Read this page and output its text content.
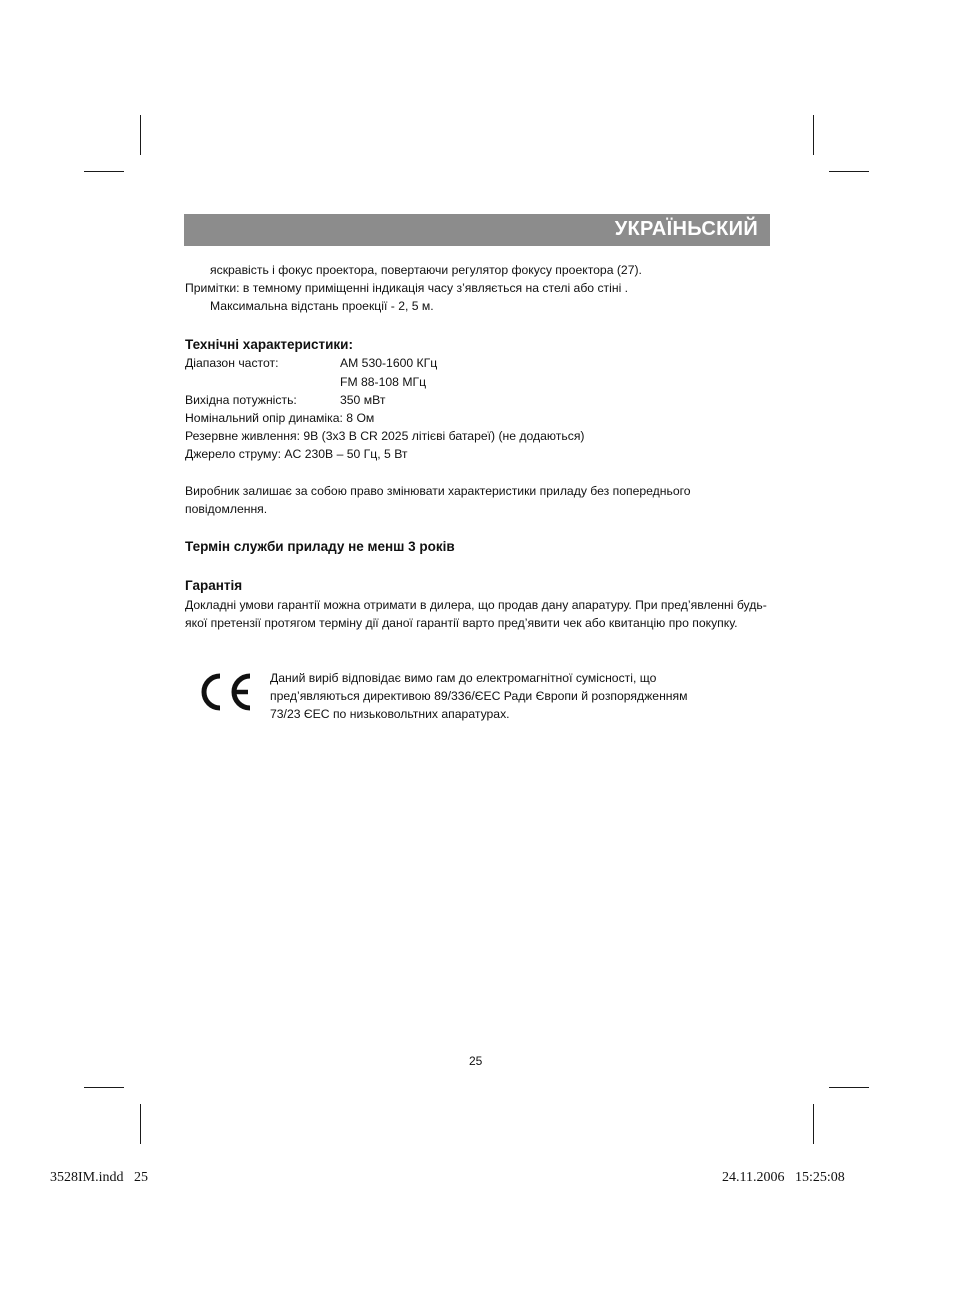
УКРАЇНЬСКИЙ
яскравість і фокус проектора, повертаючи регулятор фокусу проектора (27).
Примітки: в темному приміщенні індикація часу з’являється на стелі або стіні .
Максимальна відстань проекції - 2, 5 м.
Технічні характеристики:
Діапазон частот:	AM 530-1600 КГц
FM 88-108 МГц
Вихідна потужність:	350 мВт
Номінальний опір динаміка: 8 Ом
Резервне живлення: 9В (3x3 В CR 2025 літієві батареї) (не додаються)
Джерело струму: AC 230В – 50 Гц, 5 Вт
Виробник залишає за собою право змінювати характеристики приладу без попереднього повідомлення.
Термін служби приладу не менш 3 років
Гарантія
Докладні умови гарантії можна отримати в дилера, що продав дану апаратуру. При пред’явленні будь-якої претензії протягом терміну дії даної гарантії варто пред’явити чек або квитанцію про покупку.
Даний виріб відповідає вимо гам до електромагнітної сумісності, що
пред’являються директивою 89/336/ЄЕС Ради Європи й розпорядженням
73/23 ЄЕС по низьковольтних апаратурах.
25
3528IM.indd   25	24.11.2006   15:25:08
